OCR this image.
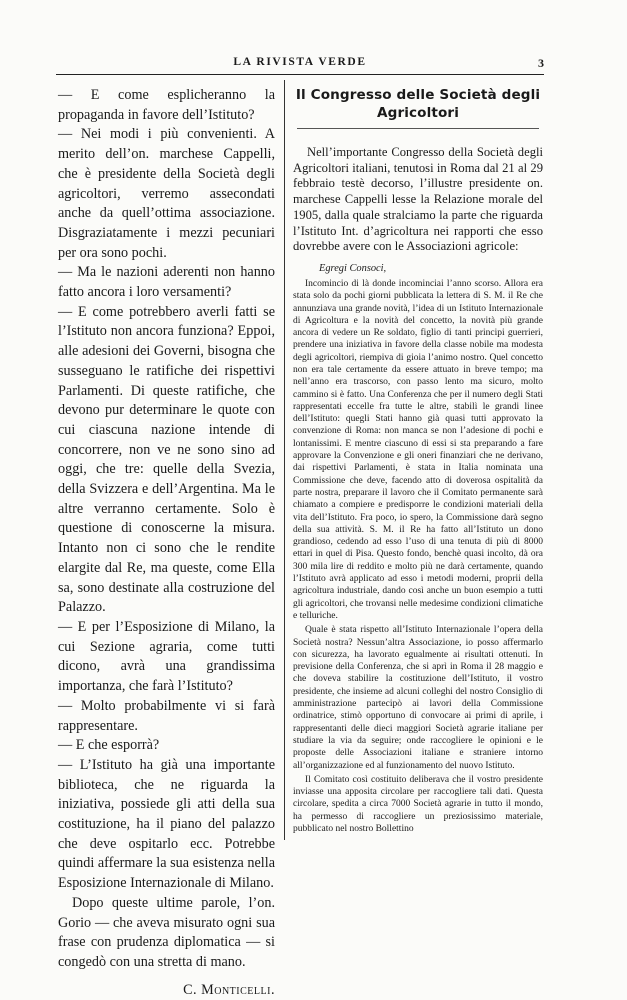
LA RIVISTA VERDE	3

— E come esplicheranno la propaganda in favore dell’Istituto?

— Nei modi i più convenienti. A merito dell’on. marchese Cappelli, che è presidente della Società degli agricoltori, verremo assecondati anche da quell’ottima associazione. Disgraziatamente i mezzi pecuniari per ora sono pochi.

— Ma le nazioni aderenti non hanno fatto ancora i loro versamenti?

— E come potrebbero averli fatti se l’Istituto non ancora funziona? Eppoi, alle adesioni dei Governi, bisogna che susseguano le ratifiche dei rispettivi Parlamenti. Di queste ratifiche, che devono pur determinare le quote con cui ciascuna nazione intende di concorrere, non ve ne sono sino ad oggi, che tre: quelle della Svezia, della Svizzera e dell’Argentina. Ma le altre verranno certamente. Solo è questione di conoscerne la misura. Intanto non ci sono che le rendite elargite dal Re, ma queste, come Ella sa, sono destinate alla costruzione del Palazzo.

— E per l’Esposizione di Milano, la cui Sezione agraria, come tutti dicono, avrà una grandissima importanza, che farà l’Istituto?

— Molto probabilmente vi si farà rappresentare.

— E che esporrà?

— L’Istituto ha già una importante biblioteca, che ne riguarda la iniziativa, possiede gli atti della sua costituzione, ha il piano del palazzo che deve ospitarlo ecc. Potrebbe quindi affermare la sua esistenza nella Esposizione Internazionale di Milano.

Dopo queste ultime parole, l’on. Gorio — che aveva misurato ogni sua frase con prudenza diplomatica — si congedò con una stretta di mano.

C. Monticelli.

Il Congresso delle Società degli Agricoltori

Nell’importante Congresso della Società degli Agricoltori italiani, tenutosi in Roma dal 21 al 29 febbraio testè decorso, l’illustre presidente on. marchese Cappelli lesse la Relazione morale del 1905, dalla quale stralciamo la parte che riguarda l’Istituto Int. d’agricoltura nei rapporti che esso dovrebbe avere con le Associazioni agricole:

Egregi Consoci,

Incomincio di là donde incominciai l’anno scorso. Allora era stata solo da pochi giorni pubblicata la lettera di S. M. il Re che annunziava una grande novità, l’idea di un Istituto Internazionale di Agricoltura e la novità del concetto, la novità più grande ancora di vedere un Re soldato, figlio di tanti principi guerrieri, prendere una iniziativa in favore della classe nobile ma modesta degli agricoltori, riempiva di gioia l’animo nostro. Quel concetto non era tale certamente da essere attuato in breve tempo; ma nell’anno era trascorso, con passo lento ma sicuro, molto cammino si è fatto. Una Conferenza che per il numero degli Stati rappresentati eccelle fra tutte le altre, stabilì le grandi linee dell’Istituto: quegli Stati hanno già quasi tutti approvato la convenzione di Roma: non manca se non l’adesione di pochi e lontanissimi. E mentre ciascuno di essi si sta preparando a fare approvare la Convenzione e gli oneri finanziari che ne derivano, dai rispettivi Parlamenti, è stata in Italia nominata una Commissione che deve, facendo atto di doverosa ospitalità da parte nostra, preparare il lavoro che il Comitato permanente sarà chiamato a compiere e predisporre le condizioni materiali della vita dell’Istituto. Fra poco, io spero, la Commissione darà segno della sua attività. S. M. il Re ha fatto all’Istituto un dono grandioso, cedendo ad esso l’uso di una tenuta di più di 8000 ettari in quel di Pisa. Questo fondo, benchè quasi incolto, dà ora 300 mila lire di reddito e molto più ne darà certamente, quando l’Istituto avrà applicato ad esso i metodi moderni, proprii della agricoltura industriale, dando così anche un buon esempio a tutti gli agricoltori, che trovansi nelle medesime condizioni climatiche e telluriche.

Quale è stata rispetto all’Istituto Internazionale l’opera della Società nostra? Nessun’altra Associazione, io posso affermarlo con sicurezza, ha lavorato egualmente ai risultati ottenuti. In previsione della Conferenza, che si aprì in Roma il 28 maggio e che doveva stabilire la costituzione dell’Istituto, il vostro presidente, che insieme ad alcuni colleghi del nostro Consiglio di amministrazione partecipò ai lavori della Commissione ordinatrice, stimò opportuno di convocare ai primi di aprile, i rappresentanti delle dieci maggiori Società agrarie italiane per studiare la via da seguire; onde raccogliere le opinioni e le proposte delle Associazioni italiane e straniere intorno all’organizzazione ed al funzionamento del nuovo Istituto.

Il Comitato così costituito deliberava che il vostro presidente inviasse una apposita circolare per raccogliere tali dati. Questa circolare, spedita a circa 7000 Società agrarie in tutto il mondo, ha permesso di raccogliere un preziosissimo materiale, pubblicato nel nostro Bollettino
